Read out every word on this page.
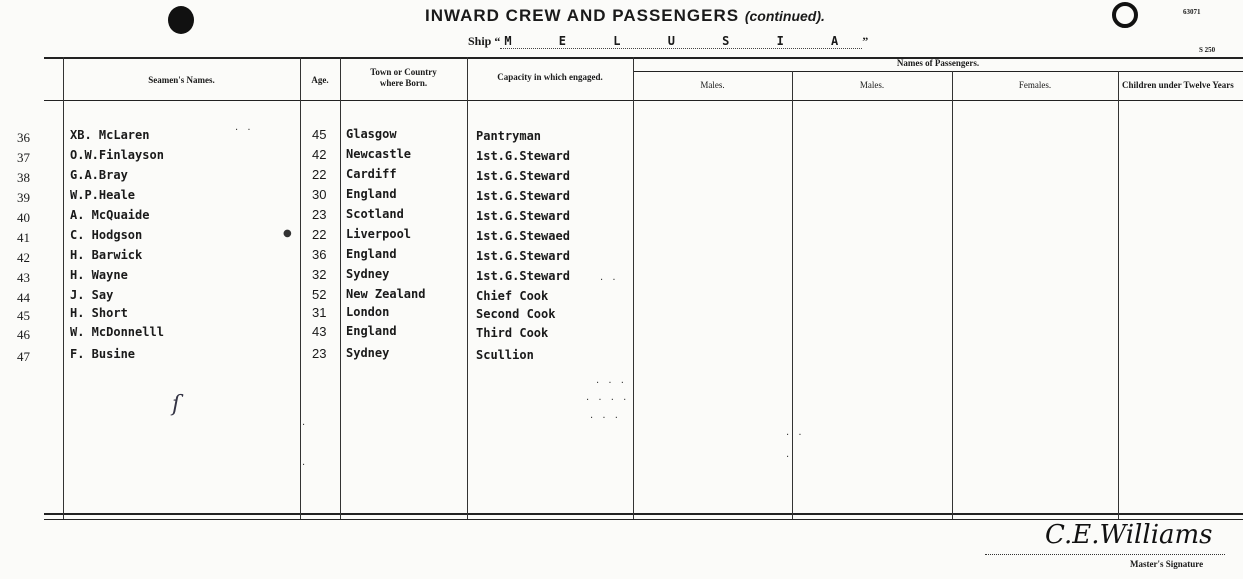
INWARD CREW AND PASSENGERS (continued).	63071
S 250
Ship “ M E L U S I A ”
Seamen's Names.	Age.
Town or Country
where Born.
Capacity in which engaged.
Names of Passengers.
Males.	Males.	Females.	Children under Twelve Years
36	XB. McLaren	45 Glasgow	Pantryman
37	O.W.Finlayson	42 Newcastle	1st.G.Steward
38	G.A.Bray	22 Cardiff	1st.G.Steward
39	W.P.Heale	30 England	1st.G.Steward
40	A. McQuaide	23 Scotland	1st.G.Steward
41	C. Hodgson	22 Liverpool	1st.G.Stewaed
42	H. Barwick	36 England	1st.G.Steward
43	H. Wayne	32 Sydney	1st.G.Steward
44	J. Say	52 New Zealand	Chief Cook
45	H. Short	31 London	Second Cook
46	W. McDonnelll	43 England	Third Cook
47	F. Busine	23 Sydney	Scullion
· ·
●
· ·
· · ·
· · · ·
· · ·
· ·
·
·
·
ſ
C.E.Williams
Master's Signature
